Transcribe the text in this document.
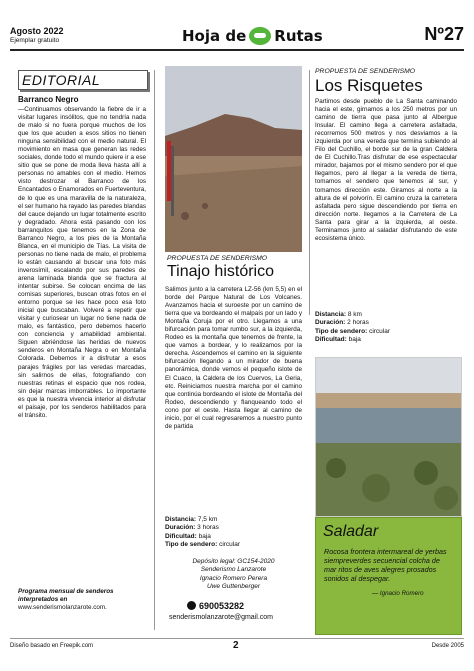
Agosto 2022
Ejemplar gratuito	Hoja de Rutas	Nº27
EDITORIAL
Barranco Negro
—Continuamos observando la fiebre de ir a visitar lugares insólitos, que no tendría nada de malo si no fuera porque muchos de los que los que acuden a esos sitios no tienen ninguna sensibilidad con el medio natural. El movimiento en masa que generan las redes sociales, donde todo el mundo quiere ir a ese sitio que se pone de moda lleva hasta allí a personas no amables con el medio. Hemos visto destrozar el Barranco de los Encantados o Enamorados en Fuerteventura, de lo que es una maravilla de la naturaleza, el ser humano ha rayado las paredes blandas del cauce dejando un lugar totalmente escrito y degradado. Ahora está pasando con los barranquitos que tenemos en la Zona de Barranco Negro, a los pies de la Montaña Blanca, en el municipio de Tías. La visita de personas no tiene nada de malo, el problema lo están causando al buscar una foto más inverosímil, escalando por sus paredes de arena laminada blanda que se fractura al intentar subirse. Se colocan encima de las cornisas superiores, buscan otras fotos en el entorno porque se les hace poco esa foto inicial que buscaban. Volveré a repetir que visitar y curiosear un lugar no tiene nada de malo, es fantástico, pero debemos hacerlo con conciencia y amabilidad ambiental. Siguen abriéndose las heridas de nuevos senderos en Montaña Negra o en Montaña Colorada. Debemos ir a disfrutar a esos parajes frágiles por las veredas marcadas, sin salirnos de ellas, fotografiando con nuestras retinas el espacio que nos rodea, sin dejar marcas imborrables. Lo importante es que la nuestra vivencia interior al disfrutar el paisaje, por los senderos habilitados para el tránsito.
Programa mensual de senderos interpretados en
www.senderismolanzarote.com.
PROPUESTA DE SENDERISMO
Tinajo histórico
Salimos junto a la carretera LZ-56 (km 5,5) en el borde del Parque Natural de Los Volcanes. Avanzamos hacia el suroeste por un camino de tierra que va bordeando el malpaís por un lado y Montaña Coruja por el otro. Llegamos a una bifurcación para tomar rumbo sur, a la izquierda, Rodeo es la montaña que tenemos de frente, la que vamos a bordear, y lo realizamos por la derecha. Ascendemos el camino en la siguiente bifurcación llegando a un mirador de buena panorámica, donde vemos el pequeño islote de El Cuaco, la Caldera de los Cuervos, La Geria, etc. Reiniciamos nuestra marcha por el camino que continúa bordeando el islote de Montaña del Rodeo, descendiendo y flanqueando todo el cono por el oeste. Hasta llegar al camino de inicio, por el cual regresaremos a nuestro punto de partida
Distancia: 7,5 km
Duración: 3 horas
Dificultad: baja
Tipo de sendero: circular
Depósito legal: GC154-2020
Senderismo Lanzarote
Ignacio Romero Perera
Uwe Guttenberger
690053282
senderismolanzarote@gmail.com
PROPUESTA DE SENDERISMO
Los Risquetes
Partimos desde pueblo de La Santa caminando hacia el este, girnamos a los 250 metros por un camino de tierra que pasa junto al Albergue Insular. El camino llega a carretera asfaltada, recorremos 500 metros y nos desviamos a la izquierda por una vereda que termina subiendo al Filo del Cuchillo, el borde sur de la gran Caldera de El Cuchillo.Tras disfrutar de ese espectacular mirador, bajamos por el mismo sendero por el que llegamos, pero al llegar a la vereda de tierra, tomamos el sendero que tenemos al sur, y tomamos dirección este. Giramos al norte a la altura de el polvorín. El camino cruza la carretera asfaltada pero sigue descendiendo por tierra en dirección norte. llegamos a la Carretera de La Santa para girar a la izquierda, al oeste. Terminamos junto al saladar disfrutando de este ecosistema único.
Distancia: 8 km
Duración: 2 horas
Tipo de sendero: circular
Dificultad: baja
Saladar
Rocosa frontera intermareal de yerbas siempreverdes secuencial colcha de mar ritos de aves alegres prosados sonidos al despegar.
— Ignacio Romero
Diseño basado en Freepik.com	2	Desde 2005
